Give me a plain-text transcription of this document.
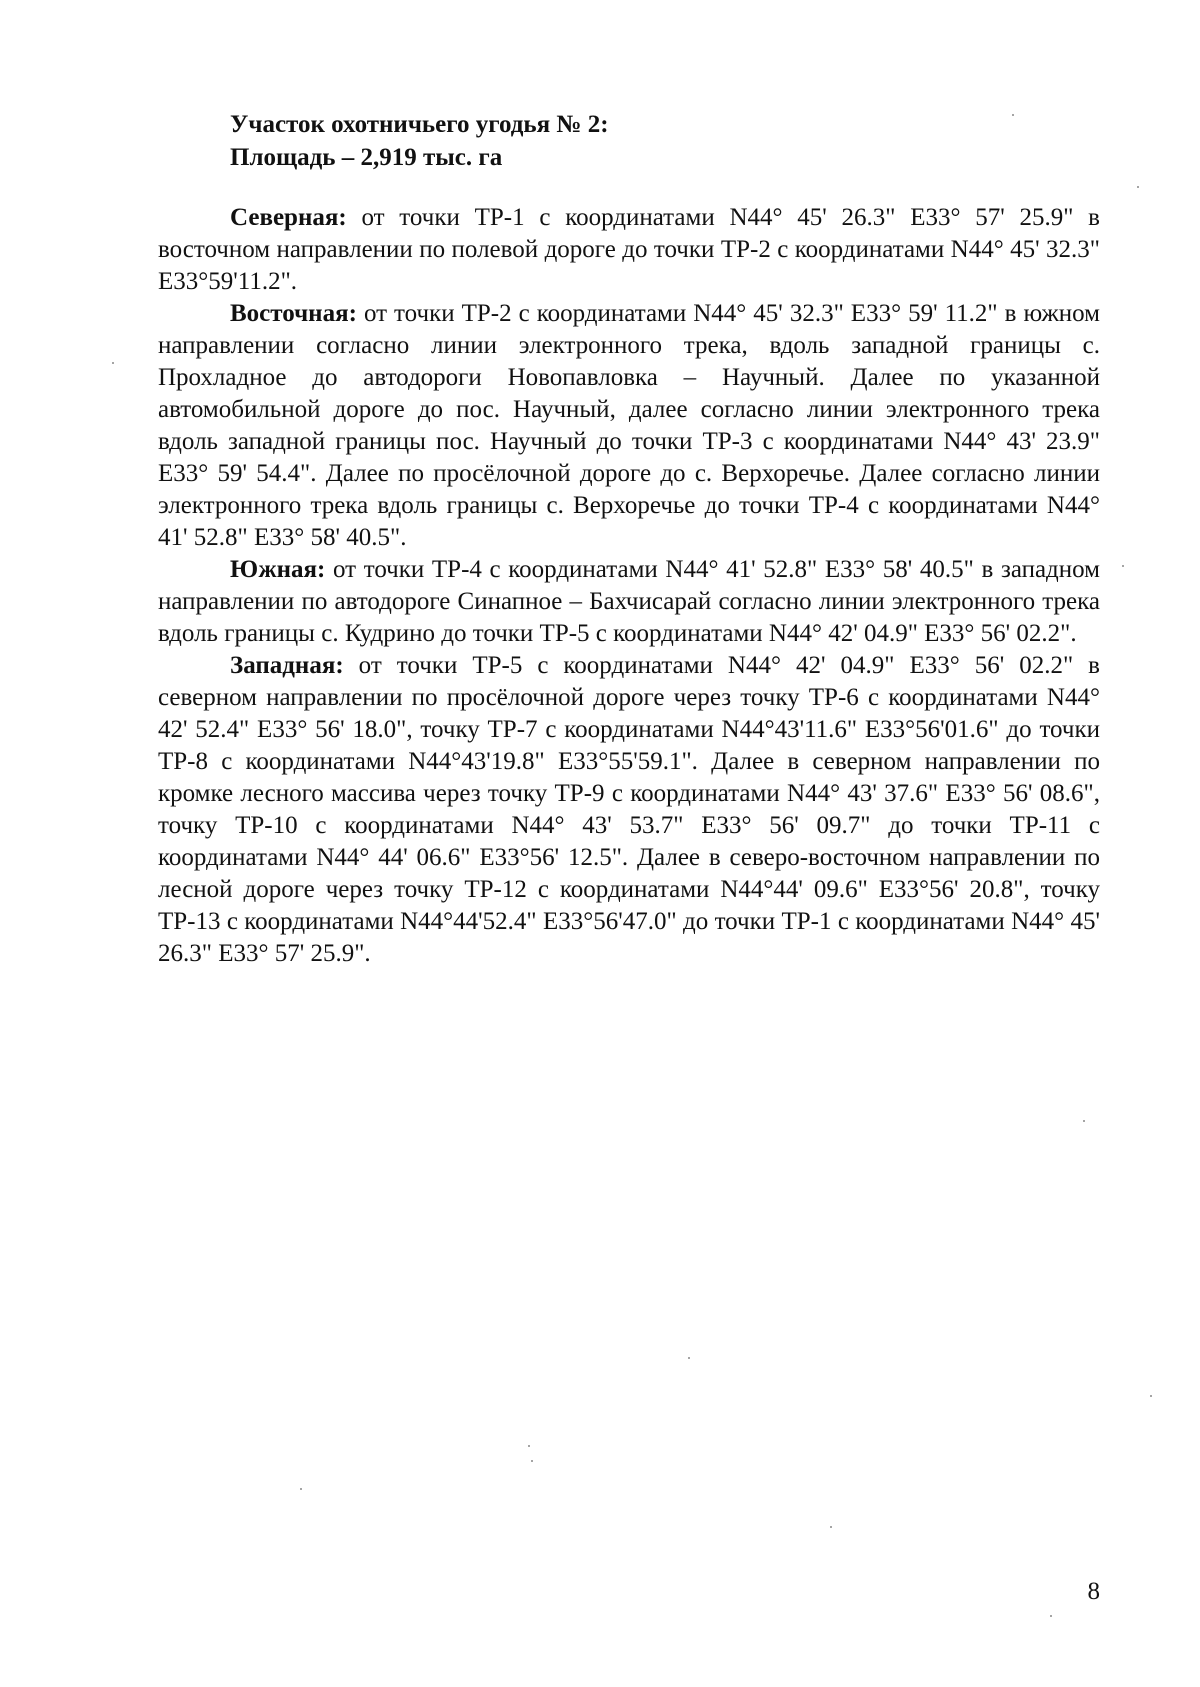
Участок охотничьего угодья № 2:
Площадь – 2,919 тыс. га

Северная: от точки ТР-1 с координатами N44° 45' 26.3" E33° 57' 25.9" в восточном направлении по полевой дороге до точки ТР-2 с координатами N44° 45' 32.3" E33°59'11.2".

Восточная: от точки ТР-2 с координатами N44° 45' 32.3" E33° 59' 11.2" в южном направлении согласно линии электронного трека, вдоль западной границы с. Прохладное до автодороги Новопавловка – Научный. Далее по указанной автомобильной дороге до пос. Научный, далее согласно линии электронного трека вдоль западной границы пос. Научный до точки ТР-3 с координатами N44° 43' 23.9" E33° 59' 54.4". Далее по просёлочной дороге до с. Верхоречье. Далее согласно линии электронного трека вдоль границы с. Верхоречье до точки ТР-4 с координатами N44° 41' 52.8" E33° 58' 40.5".

Южная: от точки ТР-4 с координатами N44° 41' 52.8" E33° 58' 40.5" в западном направлении по автодороге Синапное – Бахчисарай согласно линии электронного трека вдоль границы с. Кудрино до точки ТР-5 с координатами N44° 42' 04.9" E33° 56' 02.2".

Западная: от точки ТР-5 с координатами N44° 42' 04.9" E33° 56' 02.2" в северном направлении по просёлочной дороге через точку ТР-6 с координатами N44° 42' 52.4" E33° 56' 18.0", точку ТР-7 с координатами N44°43'11.6" E33°56'01.6" до точки ТР-8 с координатами N44°43'19.8" E33°55'59.1". Далее в северном направлении по кромке лесного массива через точку ТР-9 с координатами N44° 43' 37.6" E33° 56' 08.6", точку ТР-10 с координатами N44° 43' 53.7" E33° 56' 09.7" до точки ТР-11 с координатами N44° 44' 06.6" E33°56' 12.5". Далее в северо-восточном направлении по лесной дороге через точку ТР-12 с координатами N44°44' 09.6" E33°56' 20.8", точку ТР-13 с координатами N44°44'52.4" E33°56'47.0" до точки ТР-1 с координатами N44° 45' 26.3" E33° 57' 25.9".

8
